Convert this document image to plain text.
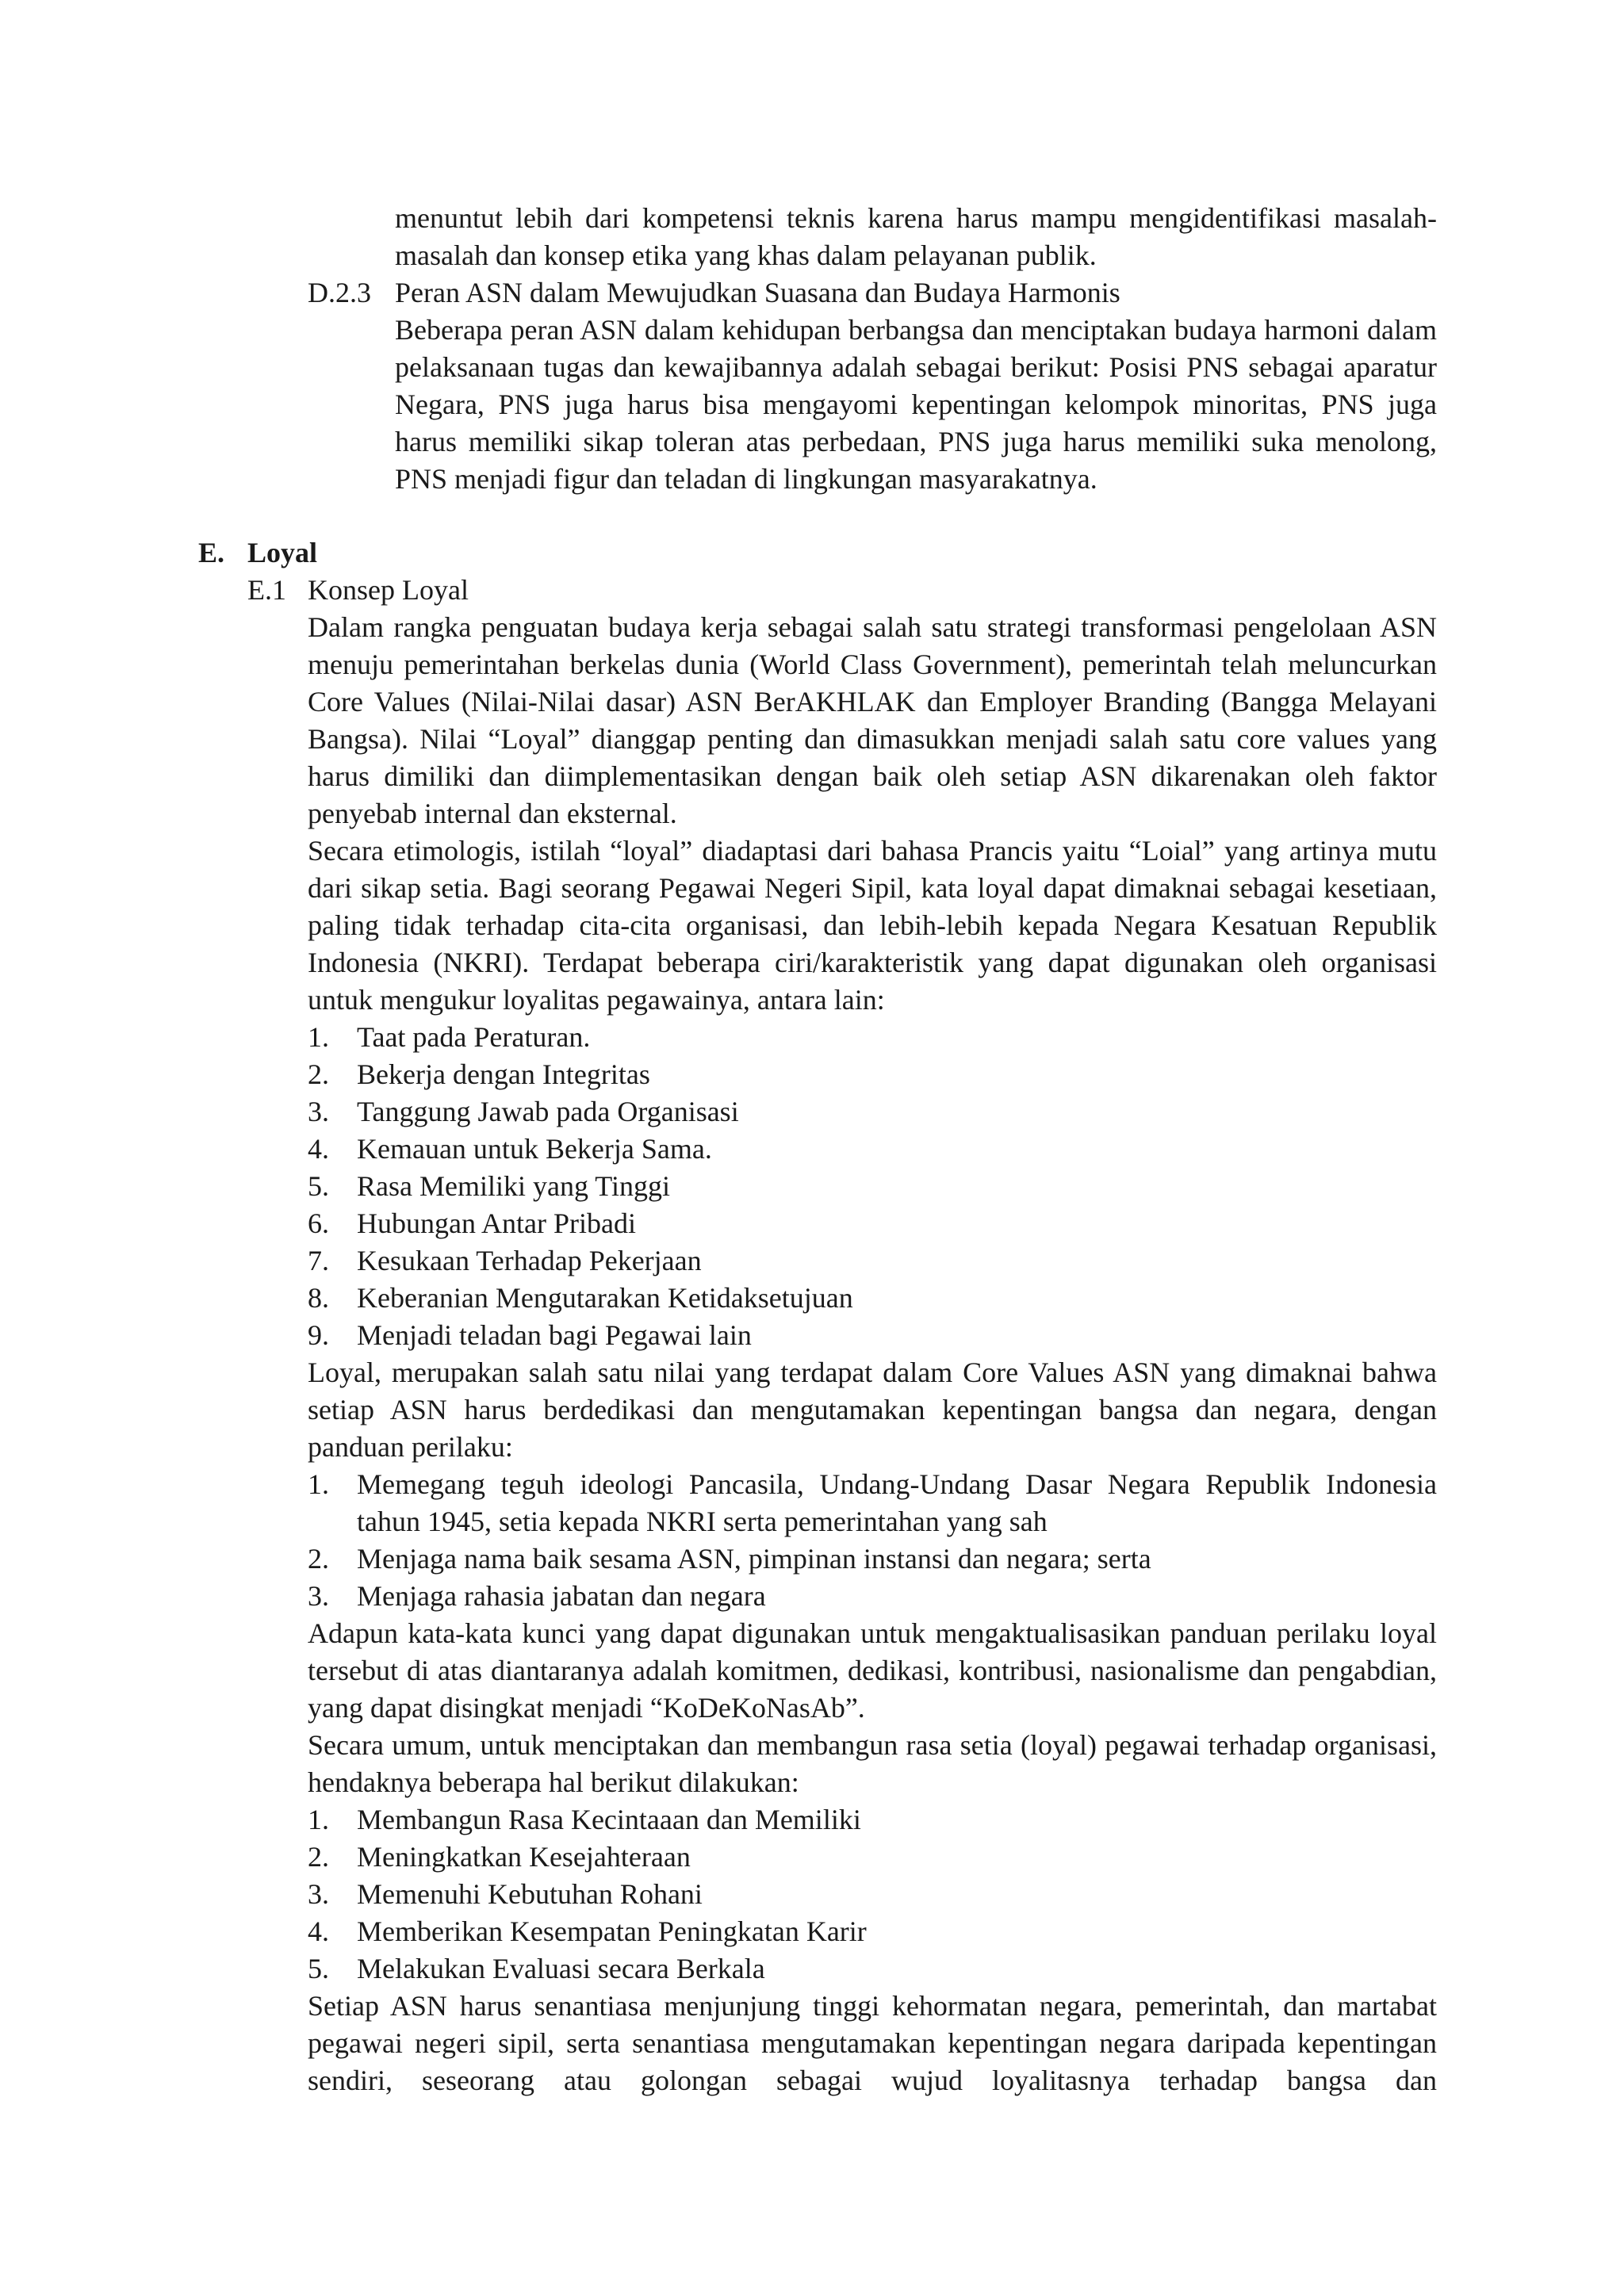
menuntut lebih dari kompetensi teknis karena harus mampu mengidentifikasi masalah-masalah dan konsep etika yang khas dalam pelayanan publik.

D.2.3 Peran ASN dalam Mewujudkan Suasana dan Budaya Harmonis

Beberapa peran ASN dalam kehidupan berbangsa dan menciptakan budaya harmoni dalam pelaksanaan tugas dan kewajibannya adalah sebagai berikut: Posisi PNS sebagai aparatur Negara, PNS juga harus bisa mengayomi kepentingan kelompok minoritas, PNS juga harus memiliki sikap toleran atas perbedaan, PNS juga harus memiliki suka menolong, PNS menjadi figur dan teladan di lingkungan masyarakatnya.

E. Loyal
E.1 Konsep Loyal

Dalam rangka penguatan budaya kerja sebagai salah satu strategi transformasi pengelolaan ASN menuju pemerintahan berkelas dunia (World Class Government), pemerintah telah meluncurkan Core Values (Nilai-Nilai dasar) ASN BerAKHLAK dan Employer Branding (Bangga Melayani Bangsa). Nilai “Loyal” dianggap penting dan dimasukkan menjadi salah satu core values yang harus dimiliki dan diimplementasikan dengan baik oleh setiap ASN dikarenakan oleh faktor penyebab internal dan eksternal.

Secara etimologis, istilah “loyal” diadaptasi dari bahasa Prancis yaitu “Loial” yang artinya mutu dari sikap setia. Bagi seorang Pegawai Negeri Sipil, kata loyal dapat dimaknai sebagai kesetiaan, paling tidak terhadap cita-cita organisasi, dan lebih-lebih kepada Negara Kesatuan Republik Indonesia (NKRI). Terdapat beberapa ciri/karakteristik yang dapat digunakan oleh organisasi untuk mengukur loyalitas pegawainya, antara lain:

1. Taat pada Peraturan.
2. Bekerja dengan Integritas
3. Tanggung Jawab pada Organisasi
4. Kemauan untuk Bekerja Sama.
5. Rasa Memiliki yang Tinggi
6. Hubungan Antar Pribadi
7. Kesukaan Terhadap Pekerjaan
8. Keberanian Mengutarakan Ketidaksetujuan
9. Menjadi teladan bagi Pegawai lain

Loyal, merupakan salah satu nilai yang terdapat dalam Core Values ASN yang dimaknai bahwa setiap ASN harus berdedikasi dan mengutamakan kepentingan bangsa dan negara, dengan panduan perilaku:

1. Memegang teguh ideologi Pancasila, Undang-Undang Dasar Negara Republik Indonesia tahun 1945, setia kepada NKRI serta pemerintahan yang sah
2. Menjaga nama baik sesama ASN, pimpinan instansi dan negara; serta
3. Menjaga rahasia jabatan dan negara

Adapun kata-kata kunci yang dapat digunakan untuk mengaktualisasikan panduan perilaku loyal tersebut di atas diantaranya adalah komitmen, dedikasi, kontribusi, nasionalisme dan pengabdian, yang dapat disingkat menjadi “KoDeKoNasAb”.

Secara umum, untuk menciptakan dan membangun rasa setia (loyal) pegawai terhadap organisasi, hendaknya beberapa hal berikut dilakukan:

1. Membangun Rasa Kecintaaan dan Memiliki
2. Meningkatkan Kesejahteraan
3. Memenuhi Kebutuhan Rohani
4. Memberikan Kesempatan Peningkatan Karir
5. Melakukan Evaluasi secara Berkala

Setiap ASN harus senantiasa menjunjung tinggi kehormatan negara, pemerintah, dan martabat pegawai negeri sipil, serta senantiasa mengutamakan kepentingan negara daripada kepentingan sendiri, seseorang atau golongan sebagai wujud loyalitasnya terhadap bangsa dan
